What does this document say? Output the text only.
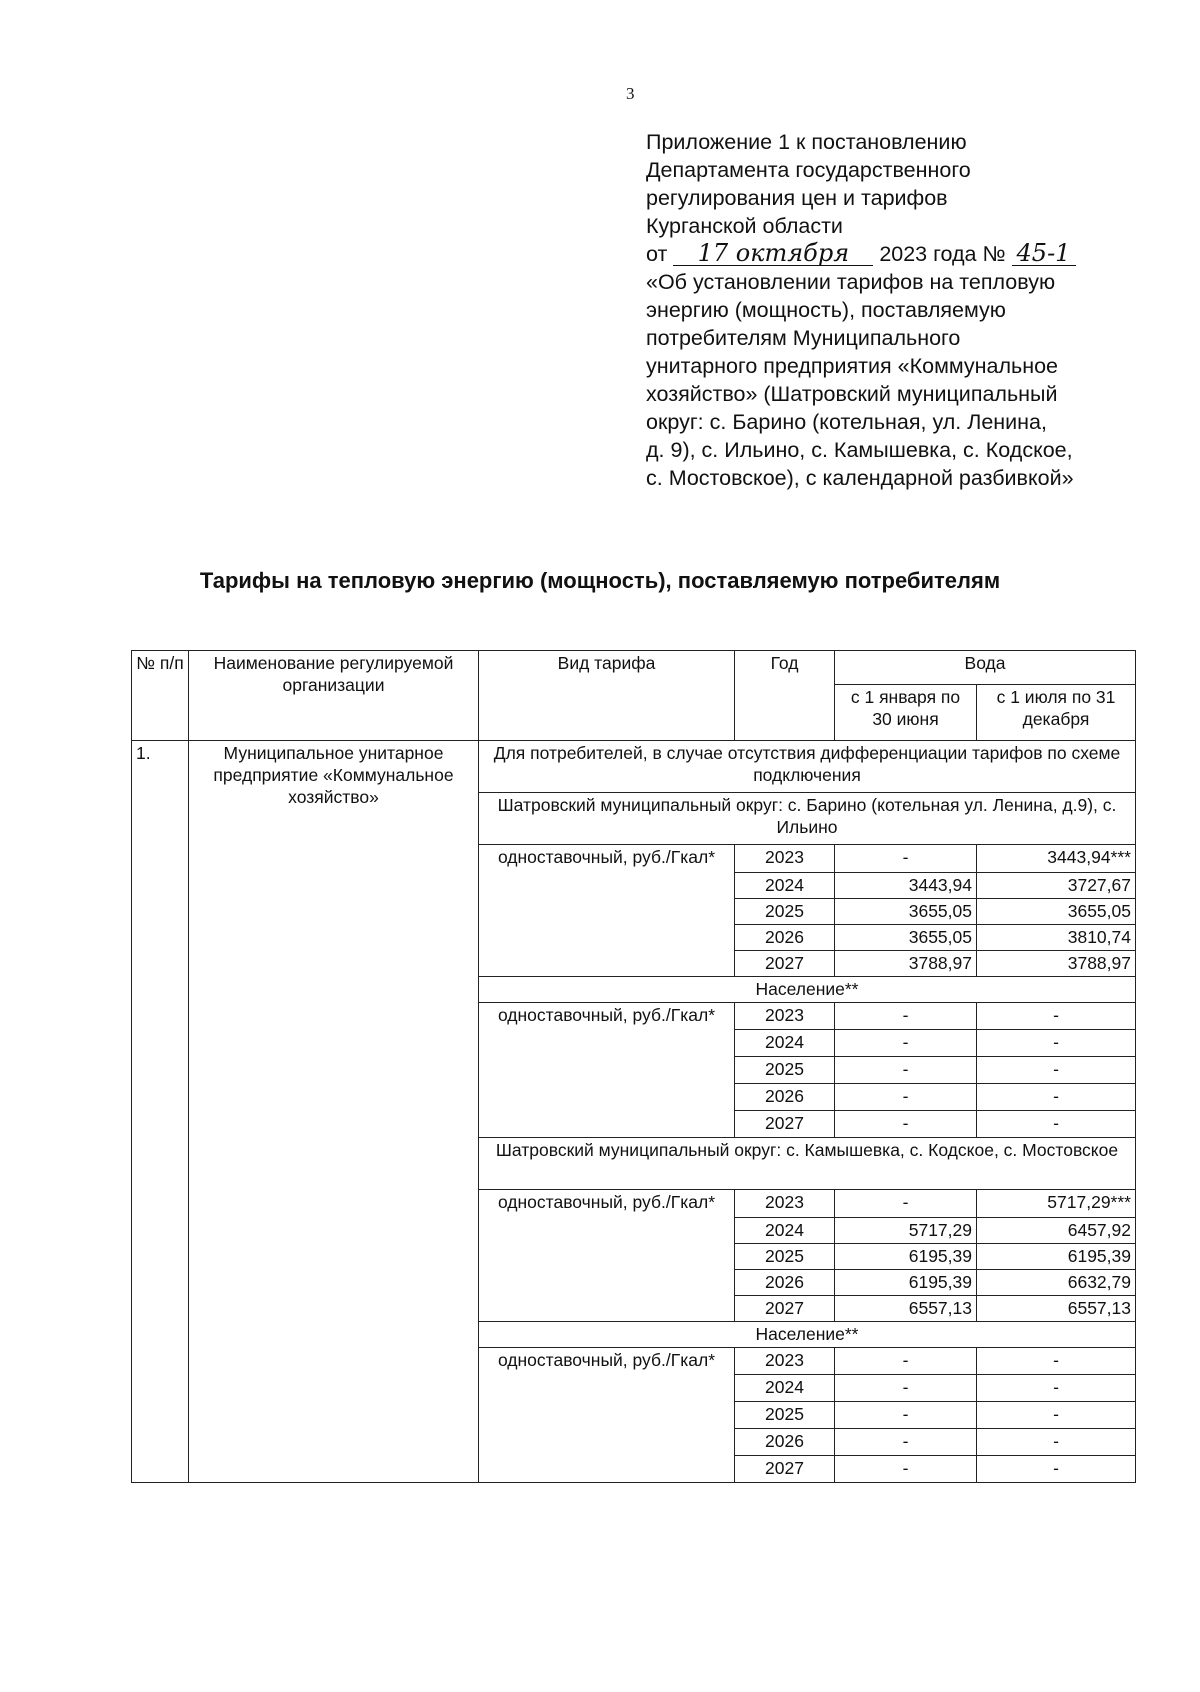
3
Приложение 1 к постановлению
Департамента государственного
регулирования цен и тарифов
Курганской области
от 17 октября 2023 года № 45-1
«Об установлении тарифов на тепловую
энергию (мощность), поставляемую
потребителям Муниципального
унитарного предприятия «Коммунальное
хозяйство» (Шатровский муниципальный
округ: с. Барино (котельная, ул. Ленина,
д. 9), с. Ильино, с. Камышевка, с. Кодское,
с. Мостовское), с календарной разбивкой»
Тарифы на тепловую энергию (мощность), поставляемую потребителям
№ п/п	Наименование регулируемой организации	Вид тарифа	Год	Вода	
				с 1 января по 30 июня	с 1 июля по 31 декабря
1.	Муниципальное унитарное предприятие «Коммунальное хозяйство»	Для потребителей, в случае отсутствия дифференциации тарифов по схеме подключения			
		Шатровский муниципальный округ: с. Барино (котельная ул. Ленина, д.9), с. Ильино			
		одноставочный, руб./Гкал*	2023	-	3443,94***
			2024	3443,94	3727,67
			2025	3655,05	3655,05
			2026	3655,05	3810,74
			2027	3788,97	3788,97
		Население**			
		одноставочный, руб./Гкал*	2023	-	-
			2024	-	-
			2025	-	-
			2026	-	-
			2027	-	-
		Шатровский муниципальный округ: с. Камышевка, с. Кодское, с. Мостовское			
		одноставочный, руб./Гкал*	2023	-	5717,29***
			2024	5717,29	6457,92
			2025	6195,39	6195,39
			2026	6195,39	6632,79
			2027	6557,13	6557,13
		Население**			
		одноставочный, руб./Гкал*	2023	-	-
			2024	-	-
			2025	-	-
			2026	-	-
			2027	-	-
